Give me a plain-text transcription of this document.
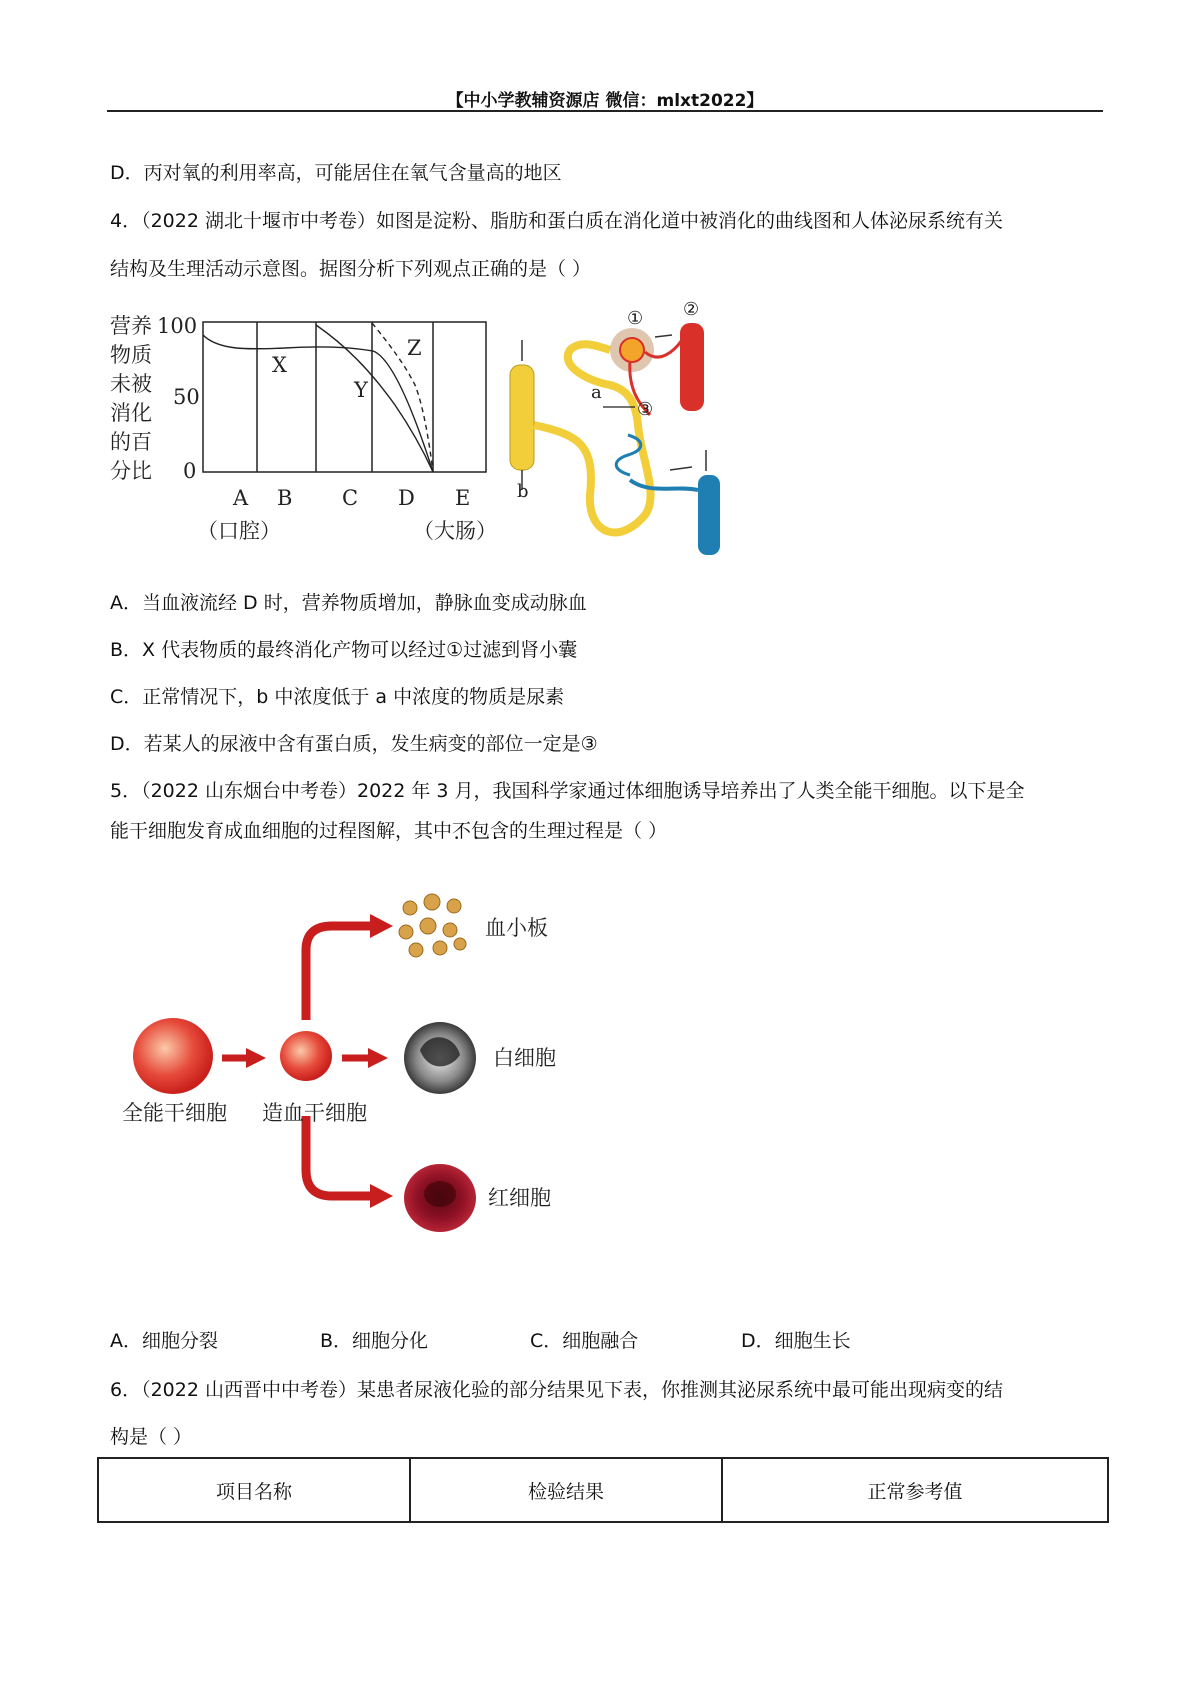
【中小学教辅资源店 微信：mlxt2022】
D．丙对氧的利用率高，可能居住在氧气含量高的地区
4．（2022 湖北十堰市中考卷）如图是淀粉、脂肪和蛋白质在消化道中被消化的曲线图和人体泌尿系统有关
结构及生理活动示意图。据图分析下列观点正确的是（ ）
营养
物质
未被
消化
的百
分比
100
50
0
X
Y
Z
A B C D E
（口腔）	（大肠）
① ②
③
a
b
A．当血液流经 D 时，营养物质增加，静脉血变成动脉血
B．X 代表物质的最终消化产物可以经过①过滤到肾小囊
C．正常情况下，b 中浓度低于 a 中浓度的物质是尿素
D．若某人的尿液中含有蛋白质，发生病变的部位一定是③
5．（2022 山东烟台中考卷）2022 年 3 月，我国科学家通过体细胞诱导培养出了人类全能干细胞。以下是全
能干细胞发育成血细胞的过程图解，其中不包含 •••的生理过程是（ ）
血小板
白细胞
红细胞
全能干细胞 造血干细胞
A．细胞分裂	B．细胞分化	C．细胞融合	D．细胞生长
6．（2022 山西晋中中考卷）某患者尿液化验的部分结果见下表，你推测其泌尿系统中最可能出现病变的结
构是（ ）
项目名称	检验结果	正常参考值
